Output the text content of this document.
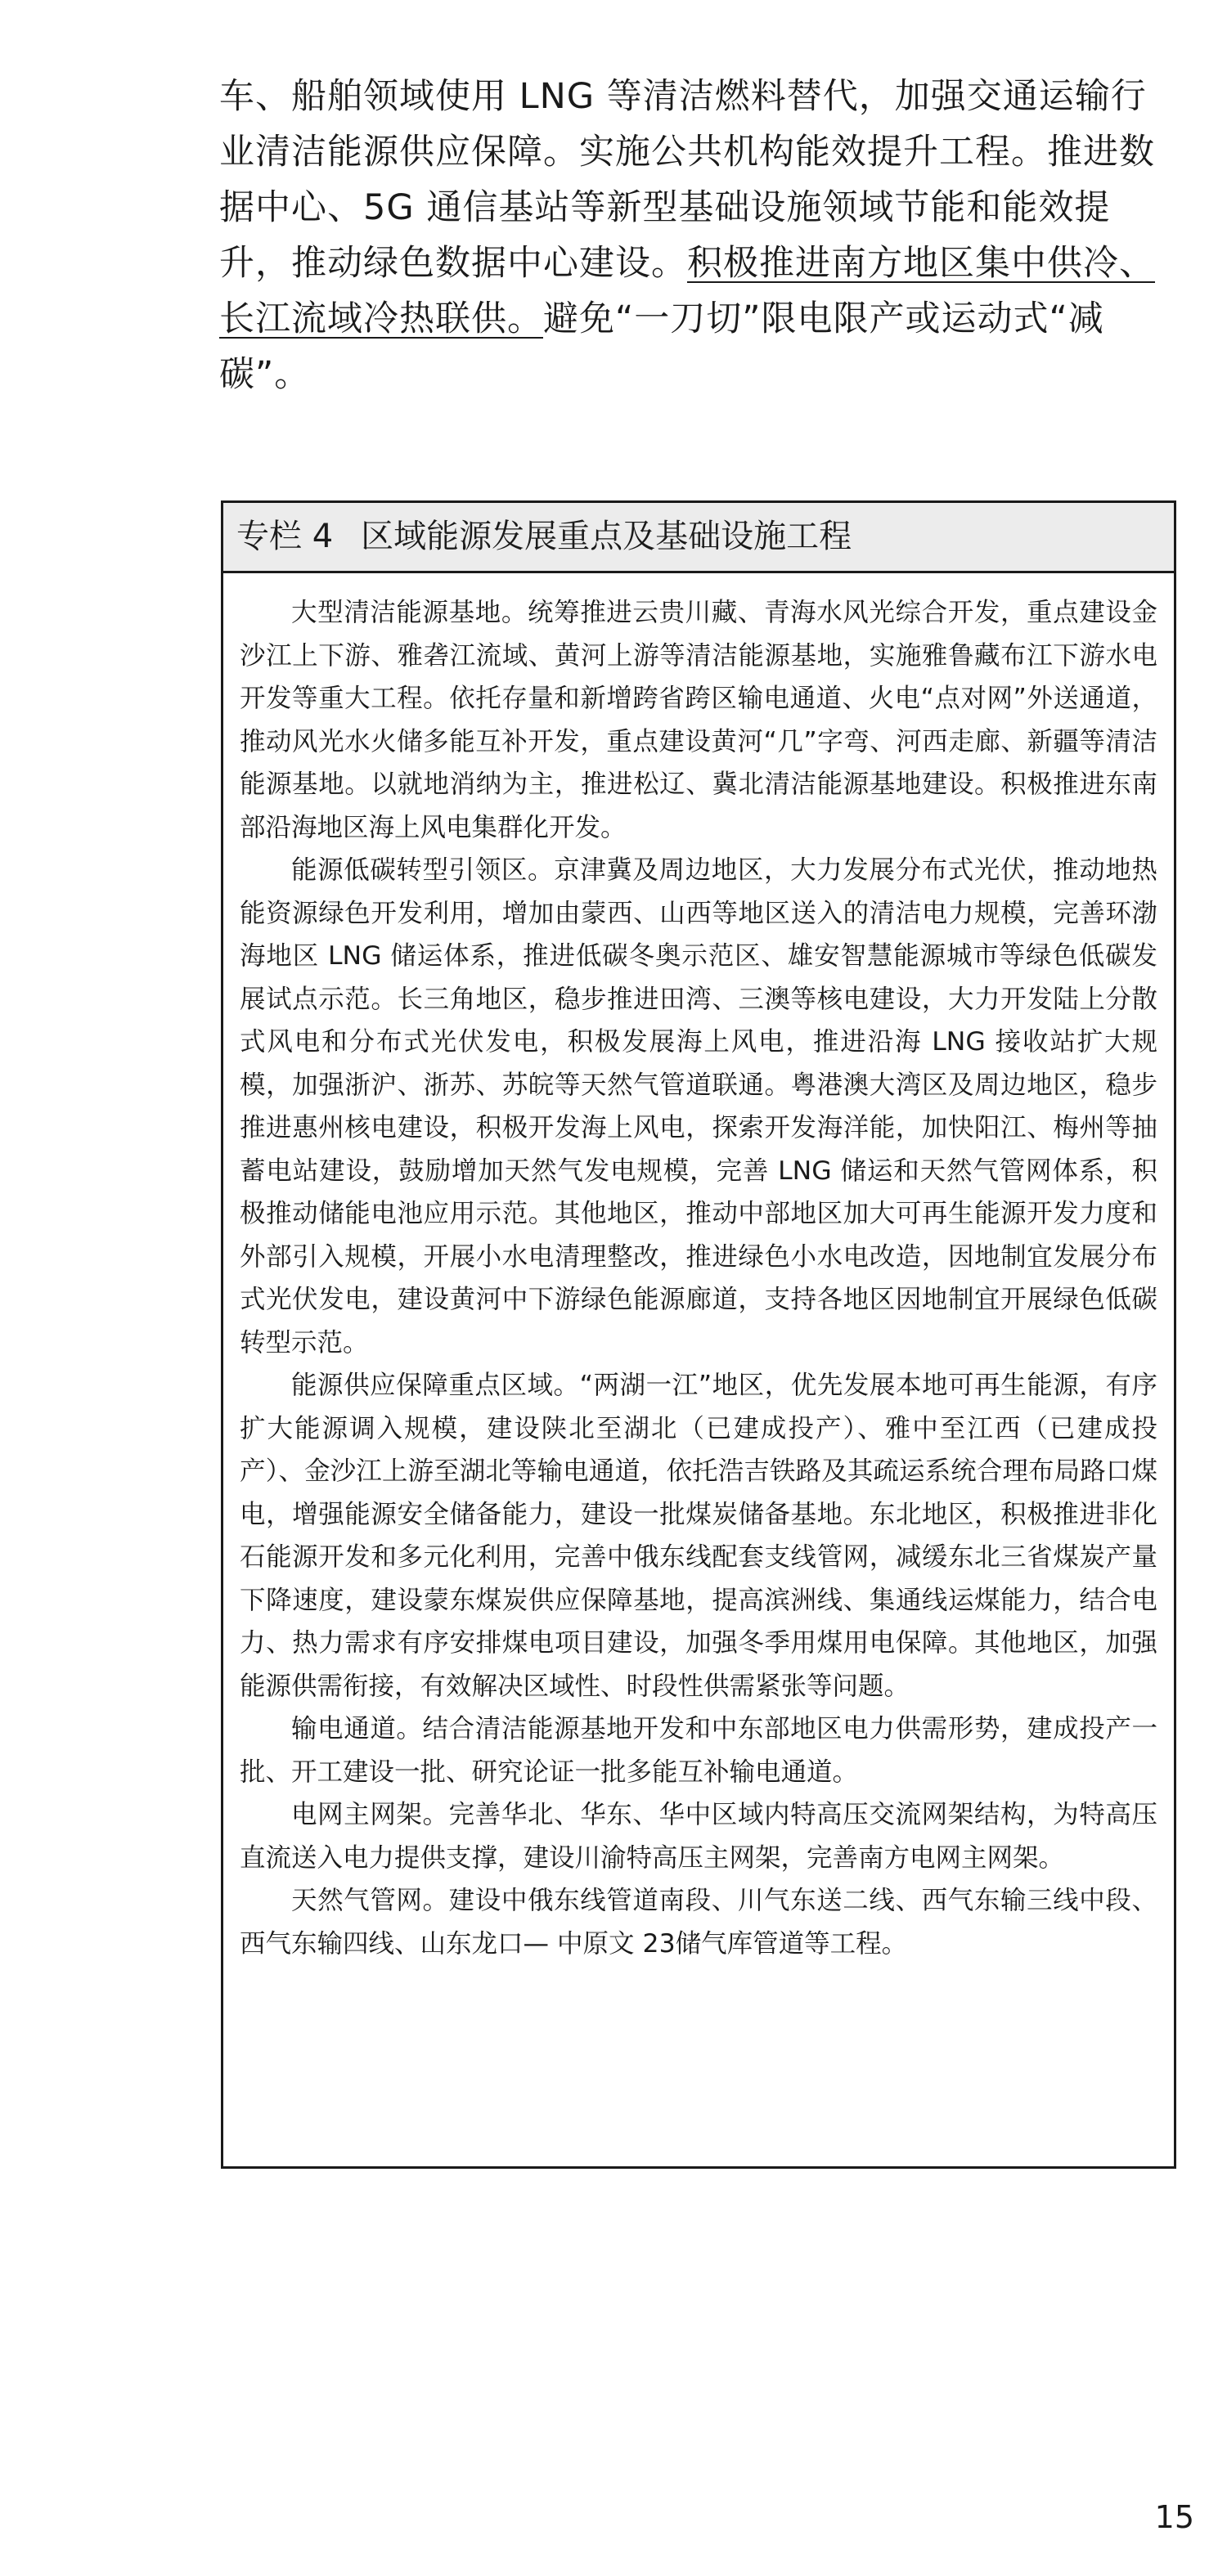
车、船舶领域使用 LNG 等清洁燃料替代，加强交通运输行业清洁能源供应保障。实施公共机构能效提升工程。推进数据中心、5G 通信基站等新型基础设施领域节能和能效提升，推动绿色数据中心建设。积极推进南方地区集中供冷、长江流域冷热联供。避免“一刀切”限电限产或运动式“减碳”。

专栏 4 区域能源发展重点及基础设施工程

大型清洁能源基地。统筹推进云贵川藏、青海水风光综合开发，重点建设金沙江上下游、雅砻江流域、黄河上游等清洁能源基地，实施雅鲁藏布江下游水电开发等重大工程。依托存量和新增跨省跨区输电通道、火电“点对网”外送通道，推动风光水火储多能互补开发，重点建设黄河“几”字弯、河西走廊、新疆等清洁能源基地。以就地消纳为主，推进松辽、冀北清洁能源基地建设。积极推进东南部沿海地区海上风电集群化开发。

能源低碳转型引领区。京津冀及周边地区，大力发展分布式光伏，推动地热能资源绿色开发利用，增加由蒙西、山西等地区送入的清洁电力规模，完善环渤海地区 LNG 储运体系，推进低碳冬奥示范区、雄安智慧能源城市等绿色低碳发展试点示范。长三角地区，稳步推进田湾、三澳等核电建设，大力开发陆上分散式风电和分布式光伏发电，积极发展海上风电，推进沿海 LNG 接收站扩大规模，加强浙沪、浙苏、苏皖等天然气管道联通。粤港澳大湾区及周边地区，稳步推进惠州核电建设，积极开发海上风电，探索开发海洋能，加快阳江、梅州等抽蓄电站建设，鼓励增加天然气发电规模，完善 LNG 储运和天然气管网体系，积极推动储能电池应用示范。其他地区，推动中部地区加大可再生能源开发力度和外部引入规模，开展小水电清理整改，推进绿色小水电改造，因地制宜发展分布式光伏发电，建设黄河中下游绿色能源廊道，支持各地区因地制宜开展绿色低碳转型示范。

能源供应保障重点区域。“两湖一江”地区，优先发展本地可再生能源，有序扩大能源调入规模，建设陕北至湖北（已建成投产）、雅中至江西（已建成投产）、金沙江上游至湖北等输电通道，依托浩吉铁路及其疏运系统合理布局路口煤电，增强能源安全储备能力，建设一批煤炭储备基地。东北地区，积极推进非化石能源开发和多元化利用，完善中俄东线配套支线管网，减缓东北三省煤炭产量下降速度，建设蒙东煤炭供应保障基地，提高滨洲线、集通线运煤能力，结合电力、热力需求有序安排煤电项目建设，加强冬季用煤用电保障。其他地区，加强能源供需衔接，有效解决区域性、时段性供需紧张等问题。

输电通道。结合清洁能源基地开发和中东部地区电力供需形势，建成投产一批、开工建设一批、研究论证一批多能互补输电通道。

电网主网架。完善华北、华东、华中区域内特高压交流网架结构，为特高压直流送入电力提供支撑，建设川渝特高压主网架，完善南方电网主网架。

天然气管网。建设中俄东线管道南段、川气东送二线、西气东输三线中段、西气东输四线、山东龙口— 中原文 23储气库管道等工程。

15
